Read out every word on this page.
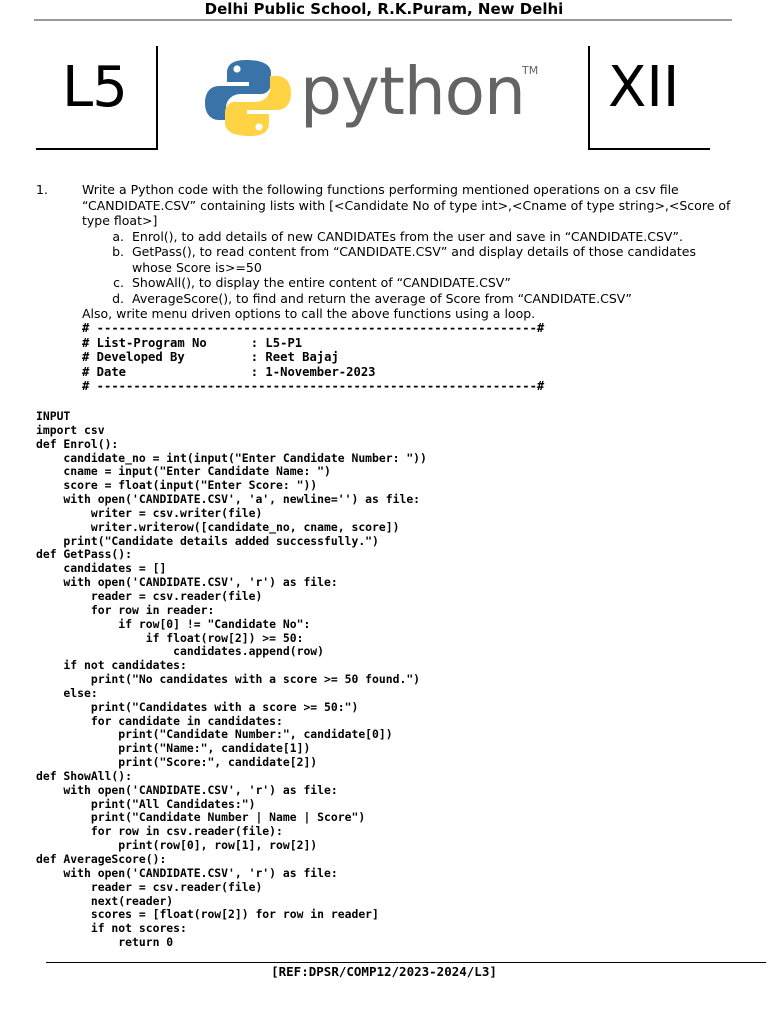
Delhi Public School, R.K.Puram, New Delhi
L5	python
TM XII
1.	Write a Python code with the following functions performing mentioned operations on a csv file “CANDIDATE.CSV” containing lists with [<Candidate No of type int>,<Cname of type string>,<Score of type float>]

a. Enrol(), to add details of new CANDIDATEs from the user and save in “CANDIDATE.CSV”.
b. GetPass(), to read content from “CANDIDATE.CSV” and display details of those candidates whose Score is>=50
c. ShowAll(), to display the entire content of “CANDIDATE.CSV”
d. AverageScore(), to find and return the average of Score from “CANDIDATE.CSV”

Also, write menu driven options to call the above functions using a loop.

# ------------------------------------------------------------#
# List-Program No      : L5-P1
# Developed By         : Reet Bajaj
# Date                 : 1-November-2023
# ------------------------------------------------------------#
INPUT
import csv
def Enrol():
candidate_no = int(input("Enter Candidate Number: "))
cname = input("Enter Candidate Name: ")
score = float(input("Enter Score: "))
with open('CANDIDATE.CSV', 'a', newline='') as file:
writer = csv.writer(file)
writer.writerow([candidate_no, cname, score])
print("Candidate details added successfully.")
def GetPass():
candidates = []
with open('CANDIDATE.CSV', 'r') as file:
reader = csv.reader(file)
for row in reader:
if row[0] != "Candidate No":
if float(row[2]) >= 50:
candidates.append(row)
if not candidates:
print("No candidates with a score >= 50 found.")
else:
print("Candidates with a score >= 50:")
for candidate in candidates:
print("Candidate Number:", candidate[0])
print("Name:", candidate[1])
print("Score:", candidate[2])
def ShowAll():
with open('CANDIDATE.CSV', 'r') as file:
print("All Candidates:")
print("Candidate Number | Name | Score")
for row in csv.reader(file):
print(row[0], row[1], row[2])
def AverageScore():
with open('CANDIDATE.CSV', 'r') as file:
reader = csv.reader(file)
next(reader)
scores = [float(row[2]) for row in reader]
if not scores:
return 0
[REF:DPSR/COMP12/2023-2024/L3]
